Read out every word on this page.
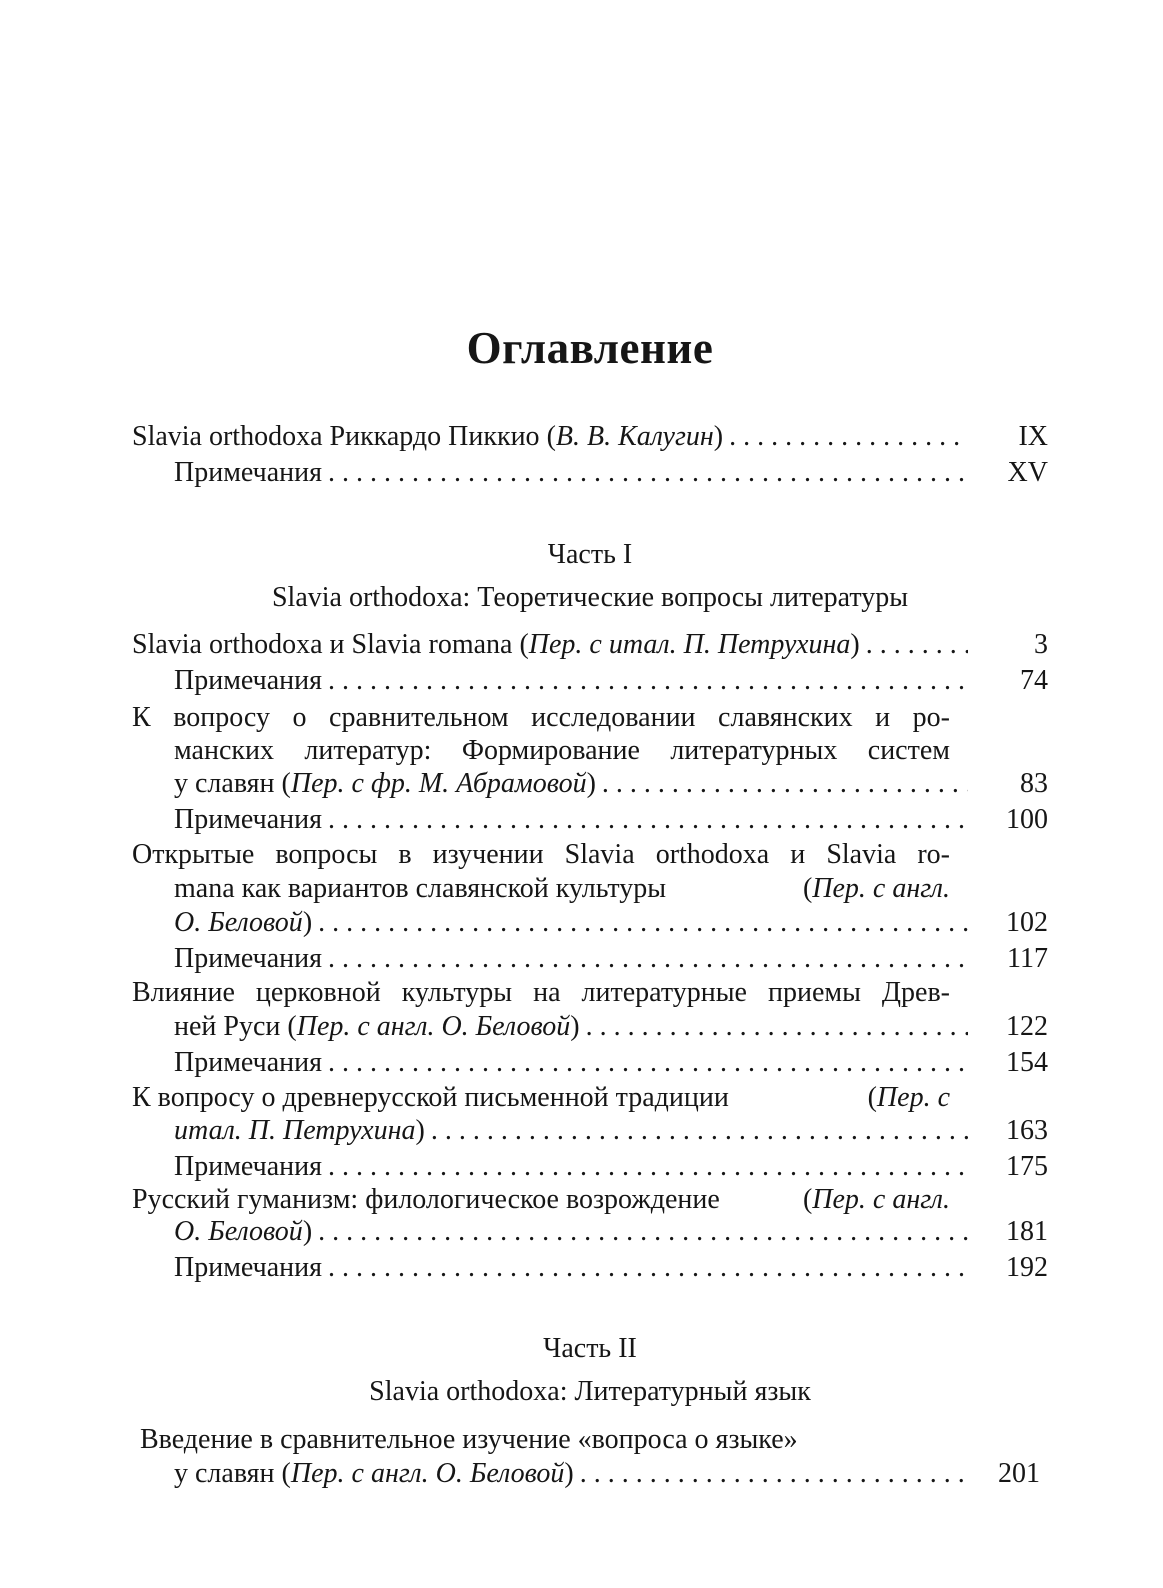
Оглавление
Slavia orthodoxa Риккардо Пиккио (В. В. Калугин) . . .	IX
Примечания . . .	XV
Часть I
Slavia orthodoxa: Теоретические вопросы литературы
Slavia orthodoxa и Slavia romana (Пер. с итал. П. Петрухина) . . .	3
Примечания . . .	74
К вопросу о сравнительном исследовании славянских и ро-
манских литератур: Формирование литературных систем
у славян (Пер. с фр. М. Абрамовой) . . .	83
Примечания . . .	100
Открытые вопросы в изучении Slavia orthodoxa и Slavia ro-
mana как вариантов славянской культуры	(Пер. с англ.
О. Беловой) . . .	102
Примечания . . .	117
Влияние церковной культуры на литературные приемы Древ-
ней Руси (Пер. с англ. О. Беловой) . . .	122
Примечания . . .	154
К вопросу о древнерусской письменной традиции	(Пер. с
итал. П. Петрухина) . . .	163
Примечания . . .	175
Русский гуманизм: филологическое возрождение	(Пер. с англ.
О. Беловой) . . .	181
Примечания . . .	192
Часть II
Slavia orthodoxa: Литературный язык
Введение в сравнительное изучение «вопроса о языке»
у славян (Пер. с англ. О. Беловой) . . .	201
